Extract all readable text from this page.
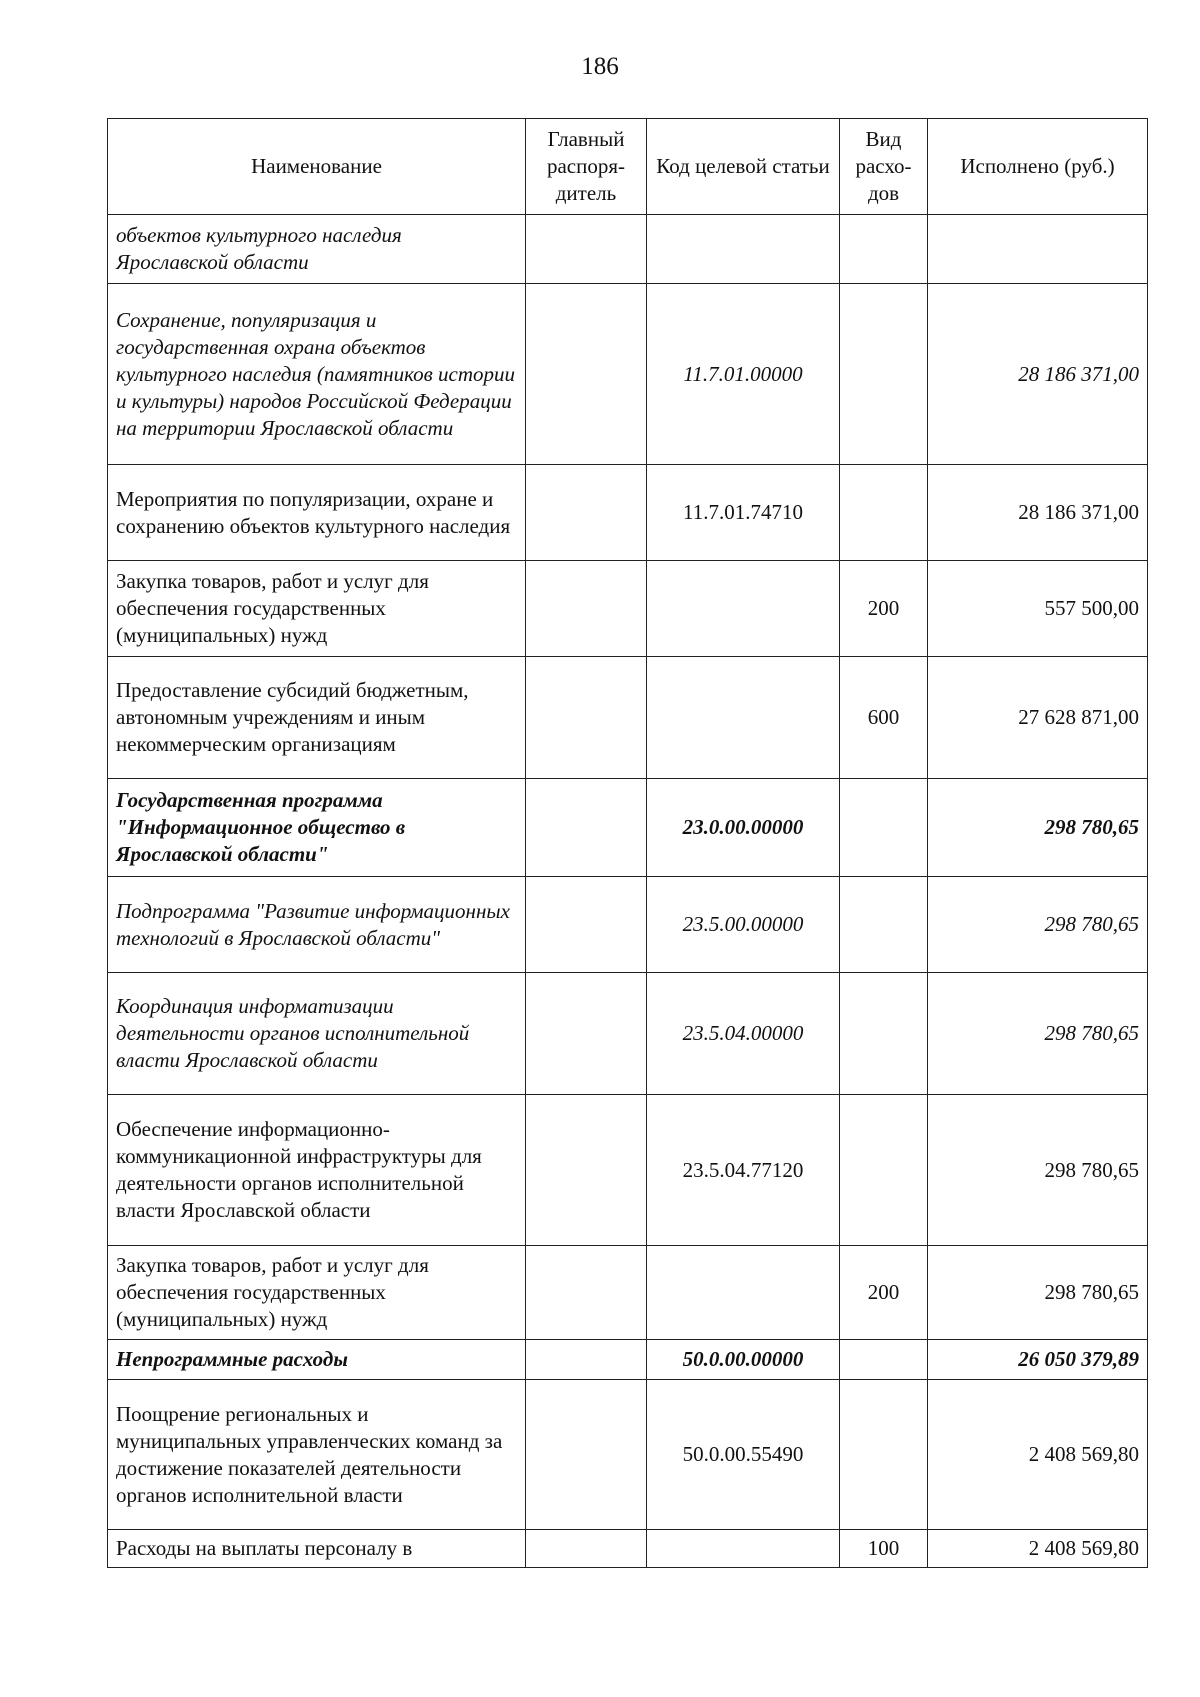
186
Наименование	Главный распоря-дитель	Код целевой статьи	Вид расхо-дов	Исполнено (руб.)
объектов культурного наследия Ярославской области				
Сохранение, популяризация и государственная охрана объектов культурного наследия (памятников истории и культуры) народов Российской Федерации на территории Ярославской области		11.7.01.00000		28 186 371,00
Мероприятия по популяризации, охране и сохранению объектов культурного наследия		11.7.01.74710		28 186 371,00
Закупка товаров, работ и услуг для обеспечения государственных (муниципальных) нужд			200	557 500,00
Предоставление субсидий бюджетным, автономным учреждениям и иным некоммерческим организациям			600	27 628 871,00
Государственная программа "Информационное общество в Ярославской области"		23.0.00.00000		298 780,65
Подпрограмма "Развитие информационных технологий в Ярославской области"		23.5.00.00000		298 780,65
Координация информатизации деятельности органов исполнительной власти Ярославской области		23.5.04.00000		298 780,65
Обеспечение информационно-коммуникационной инфраструктуры для деятельности органов исполнительной власти Ярославской области		23.5.04.77120		298 780,65
Закупка товаров, работ и услуг для обеспечения государственных (муниципальных) нужд			200	298 780,65
Непрограммные расходы		50.0.00.00000		26 050 379,89
Поощрение региональных и муниципальных управленческих команд за достижение показателей деятельности органов исполнительной власти		50.0.00.55490		2 408 569,80
Расходы на выплаты персоналу в			100	2 408 569,80
